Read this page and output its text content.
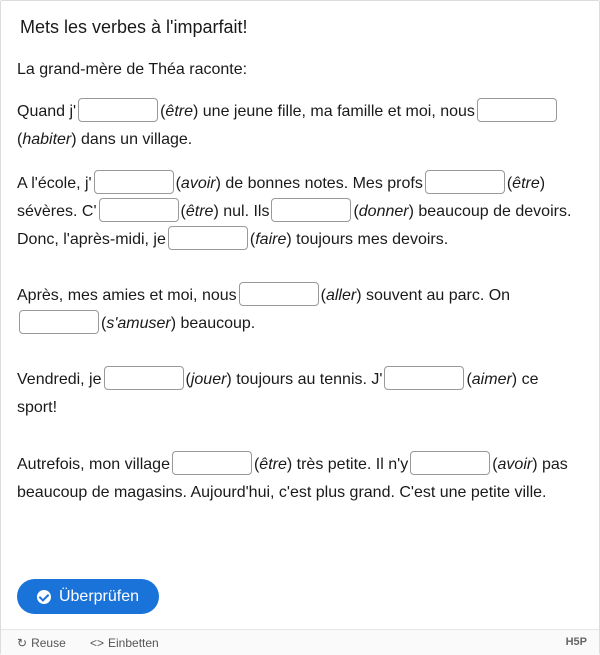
Mets les verbes à l'imparfait!
La grand-mère de Théa raconte:
Quand j'	(être) une jeune fille, ma famille et moi, nous(habiter) dans un village.
A l'école, j'	(avoir) de bonnes notes. Mes profs	(être) sévères. C'	(être) nul. Ils	(donner) beaucoup de devoirs. Donc, l'après-midi, je	(faire) toujours mes devoirs.
Après, mes amies et moi, nous	(aller) souvent au parc. On(s'amuser) beaucoup.
Vendredi, je	(jouer) toujours au tennis. J'	(aimer) ce sport!
Autrefois, mon village	(être) très petite. Il n'y	(avoir) pas beaucoup de magasins. Aujourd'hui, c'est plus grand. C'est une petite ville.
Überprüfen
↻ Reuse <> Einbetten	H5P
